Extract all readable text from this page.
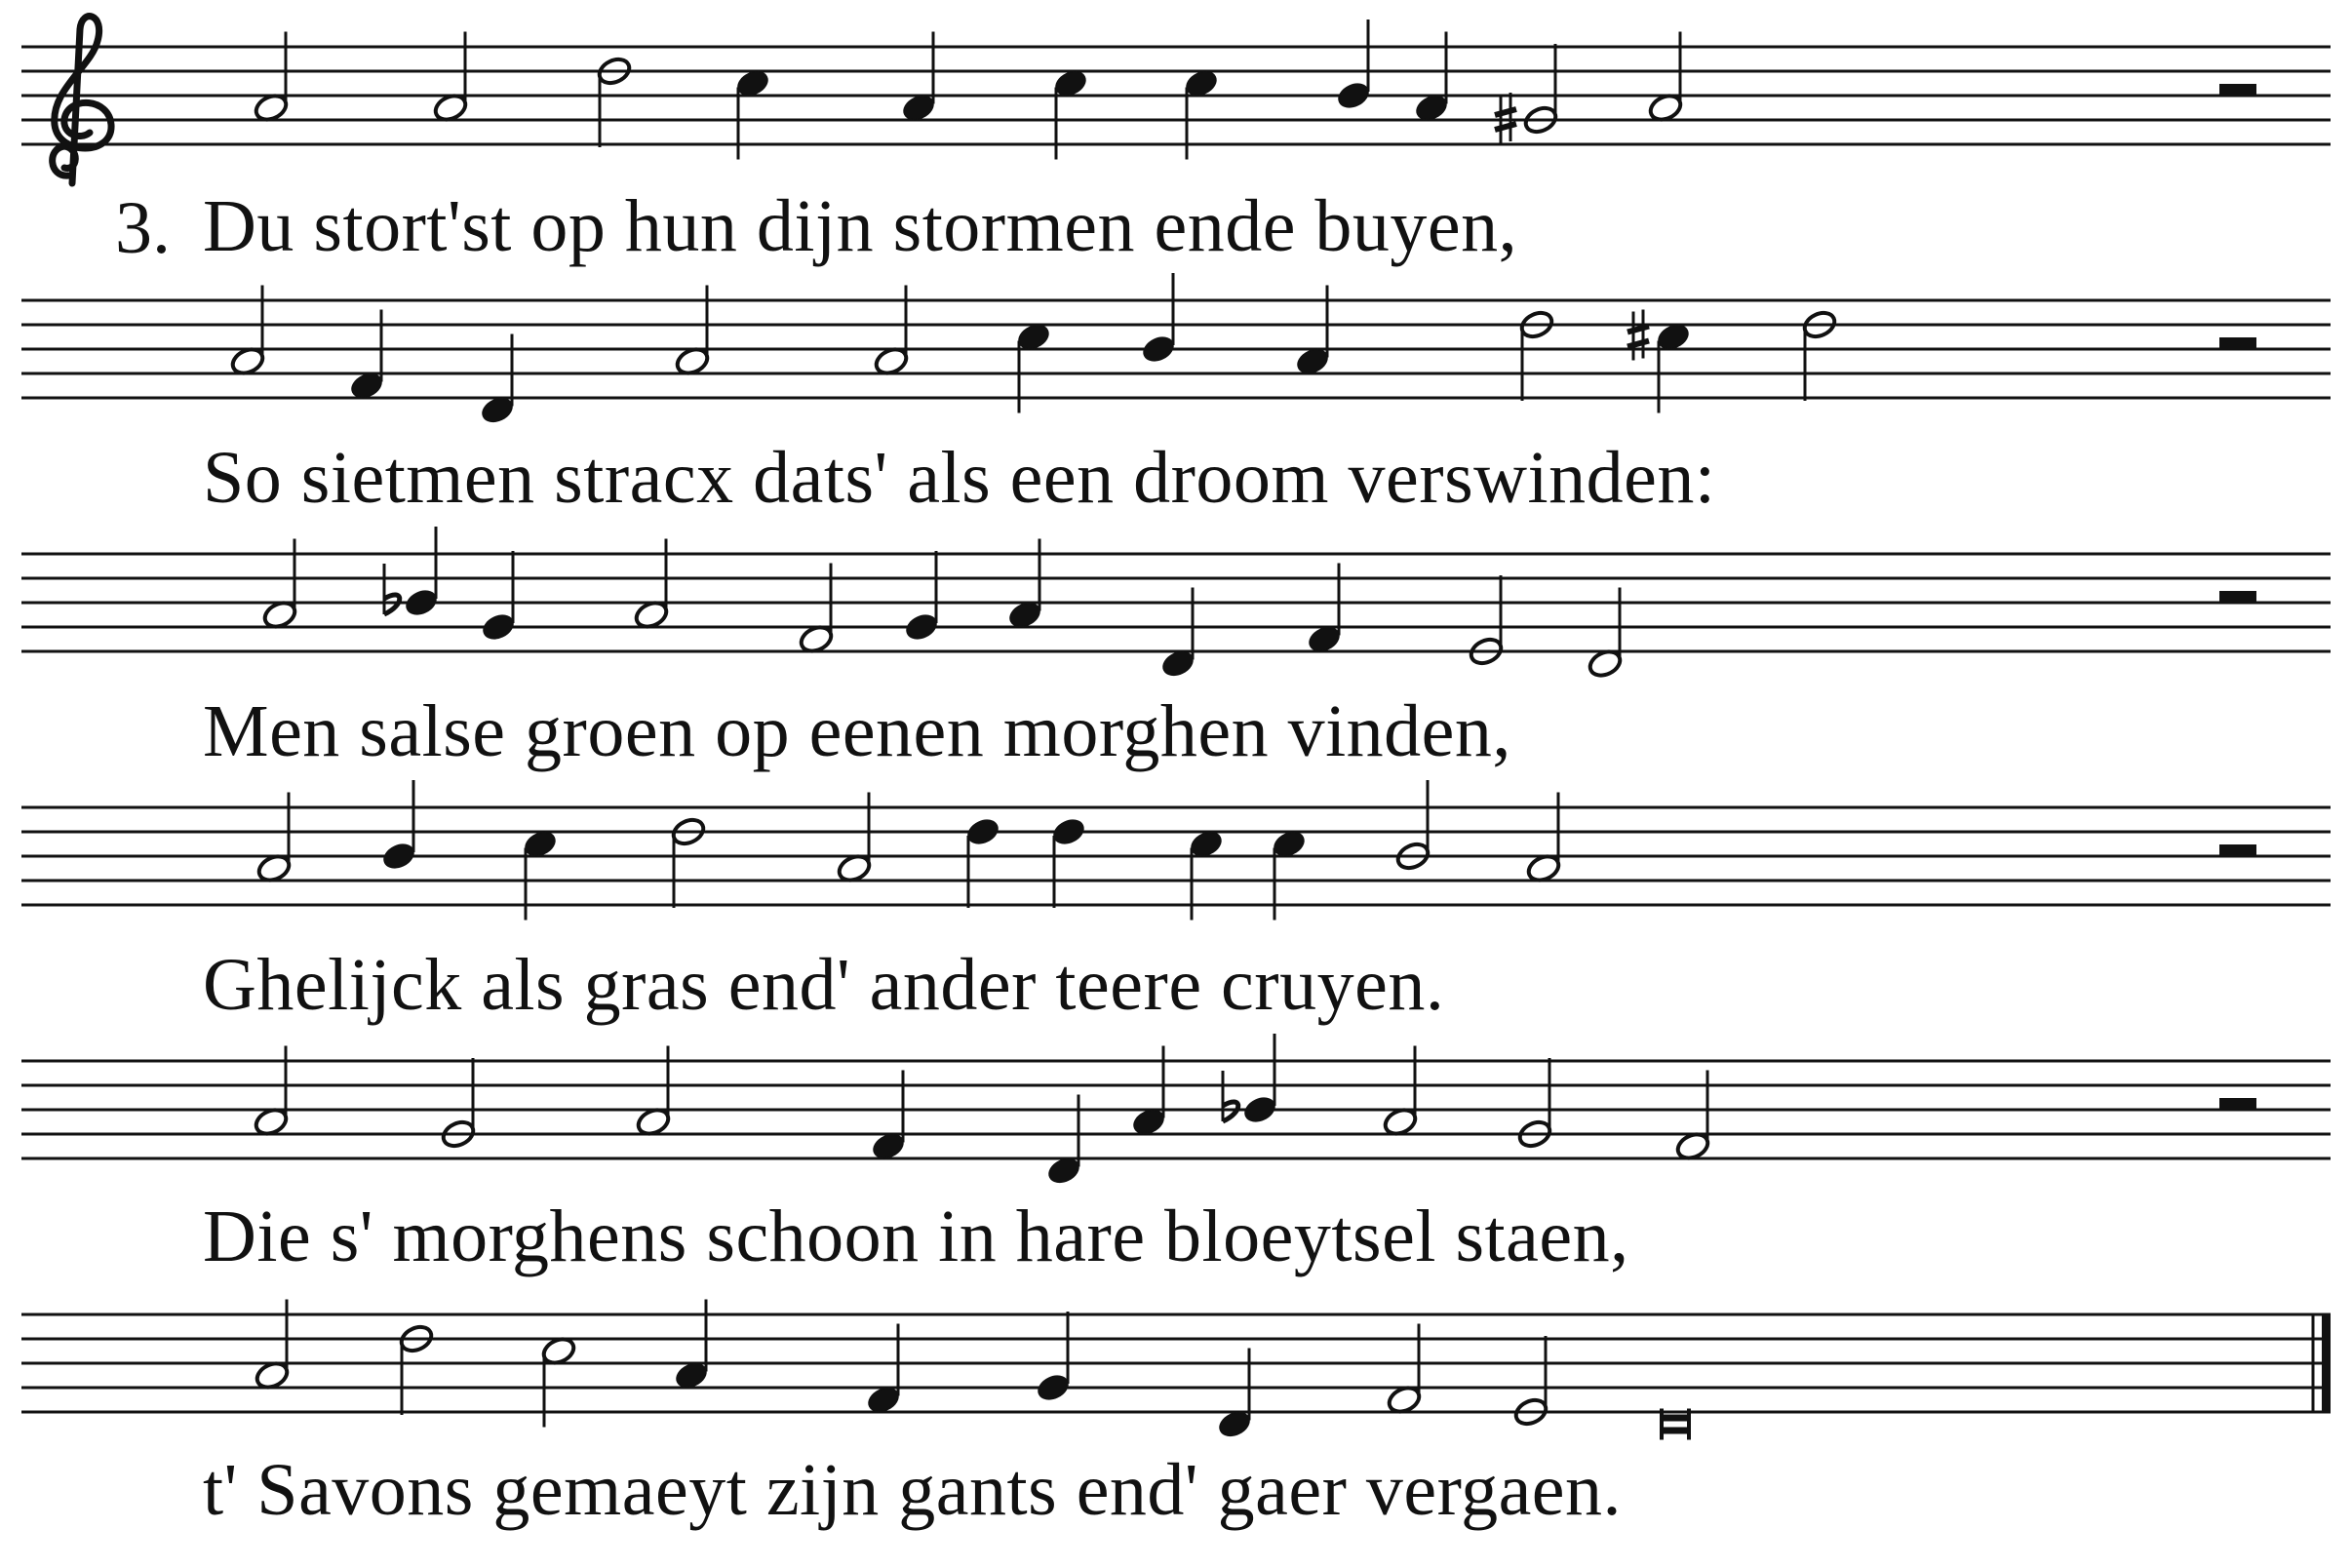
3. Du stort'st op hun dijn stormen ende buyen,
So sietmen stracx dats' als een droom verswinden:
Men salse groen op eenen morghen vinden,
Ghelijck als gras end' ander teere cruyen.
Die s' morghens schoon in hare bloeytsel staen,
t' Savons gemaeyt zijn gants end' gaer vergaen.
